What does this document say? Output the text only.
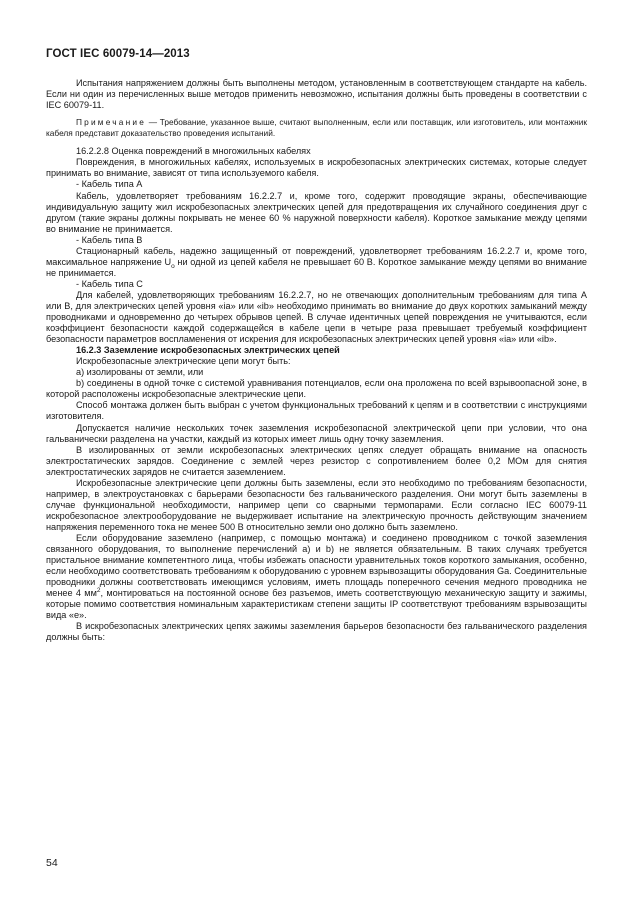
ГОСТ IEC 60079-14—2013

Испытания напряжением должны быть выполнены методом, установленным в соответствующем стандарте на кабель. Если ни один из перечисленных выше методов применить невозможно, испытания должны быть проведены в соответствии с IEC 60079-11.

Примечание — Требование, указанное выше, считают выполненным, если или поставщик, или изготовитель, или монтажник кабеля представит доказательство проведения испытаний.

16.2.2.8 Оценка повреждений в многожильных кабелях

Повреждения, в многожильных кабелях, используемых в искробезопасных электрических системах, которые следует принимать во внимание, зависят от типа используемого кабеля.

- Кабель типа А

Кабель, удовлетворяет требованиям 16.2.2.7 и, кроме того, содержит проводящие экраны, обеспечивающие индивидуальную защиту жил искробезопасных электрических цепей для предотвращения их случайного соединения друг с другом (такие экраны должны покрывать не менее 60 % наружной поверхности кабеля). Короткое замыкание между цепями во внимание не принимается.

- Кабель типа В

Стационарный кабель, надежно защищенный от повреждений, удовлетворяет требованиям 16.2.2.7 и, кроме того, максимальное напряжение $U_o$ ни одной из цепей кабеля не превышает 60 В. Короткое замыкание между цепями во внимание не принимается.

- Кабель типа С

Для кабелей, удовлетворяющих требованиям 16.2.2.7, но не отвечающих дополнительным требованиям для типа А или В, для электрических цепей уровня «ia» или «ib» необходимо принимать во внимание до двух коротких замыканий между проводниками и одновременно до четырех обрывов цепей. В случае идентичных цепей повреждения не учитываются, если коэффициент безопасности каждой содержащейся в кабеле цепи в четыре раза превышает требуемый коэффициент безопасности параметров воспламенения от искрения для искробезопасных электрических цепей уровня «ia» или «ib».

16.2.3 Заземление искробезопасных электрических цепей

Искробезопасные электрические цепи могут быть:

а) изолированы от земли, или

b) соединены в одной точке с системой уравнивания потенциалов, если она проложена по всей взрывоопасной зоне, в которой расположены искробезопасные электрические цепи.

Способ монтажа должен быть выбран с учетом функциональных требований к цепям и в соответствии с инструкциями изготовителя.

Допускается наличие нескольких точек заземления искробезопасной электрической цепи при условии, что она гальванически разделена на участки, каждый из которых имеет лишь одну точку заземления.

В изолированных от земли искробезопасных электрических цепях следует обращать внимание на опасность электростатических зарядов. Соединение с землей через резистор с сопротивлением более 0,2 МОм для снятия электростатических зарядов не считается заземлением.

Искробезопасные электрические цепи должны быть заземлены, если это необходимо по требованиям безопасности, например, в электроустановках с барьерами безопасности без гальванического разделения. Они могут быть заземлены в случае функциональной необходимости, например цепи со сварными термопарами. Если согласно IEC 60079-11 искробезопасное электрооборудование не выдерживает испытание на электрическую прочность действующим значением напряжения переменного тока не менее 500 В относительно земли оно должно быть заземлено.

Если оборудование заземлено (например, с помощью монтажа) и соединено проводником с точкой заземления связанного оборудования, то выполнение перечислений а) и b) не является обязательным. В таких случаях требуется пристальное внимание компетентного лица, чтобы избежать опасности уравнительных токов короткого замыкания, особенно, если необходимо соответствовать требованиям к оборудованию с уровнем взрывозащиты оборудования Ga. Соединительные проводники должны соответствовать имеющимся условиям, иметь площадь поперечного сечения медного проводника не менее 4 $мм^2$, монтироваться на постоянной основе без разъемов, иметь соответствующую механическую защиту и зажимы, которые помимо соответствия номинальным характеристикам степени защиты IP соответствуют требованиям взрывозащиты вида «е».

В искробезопасных электрических цепях зажимы заземления барьеров безопасности без гальванического разделения должны быть:

54
